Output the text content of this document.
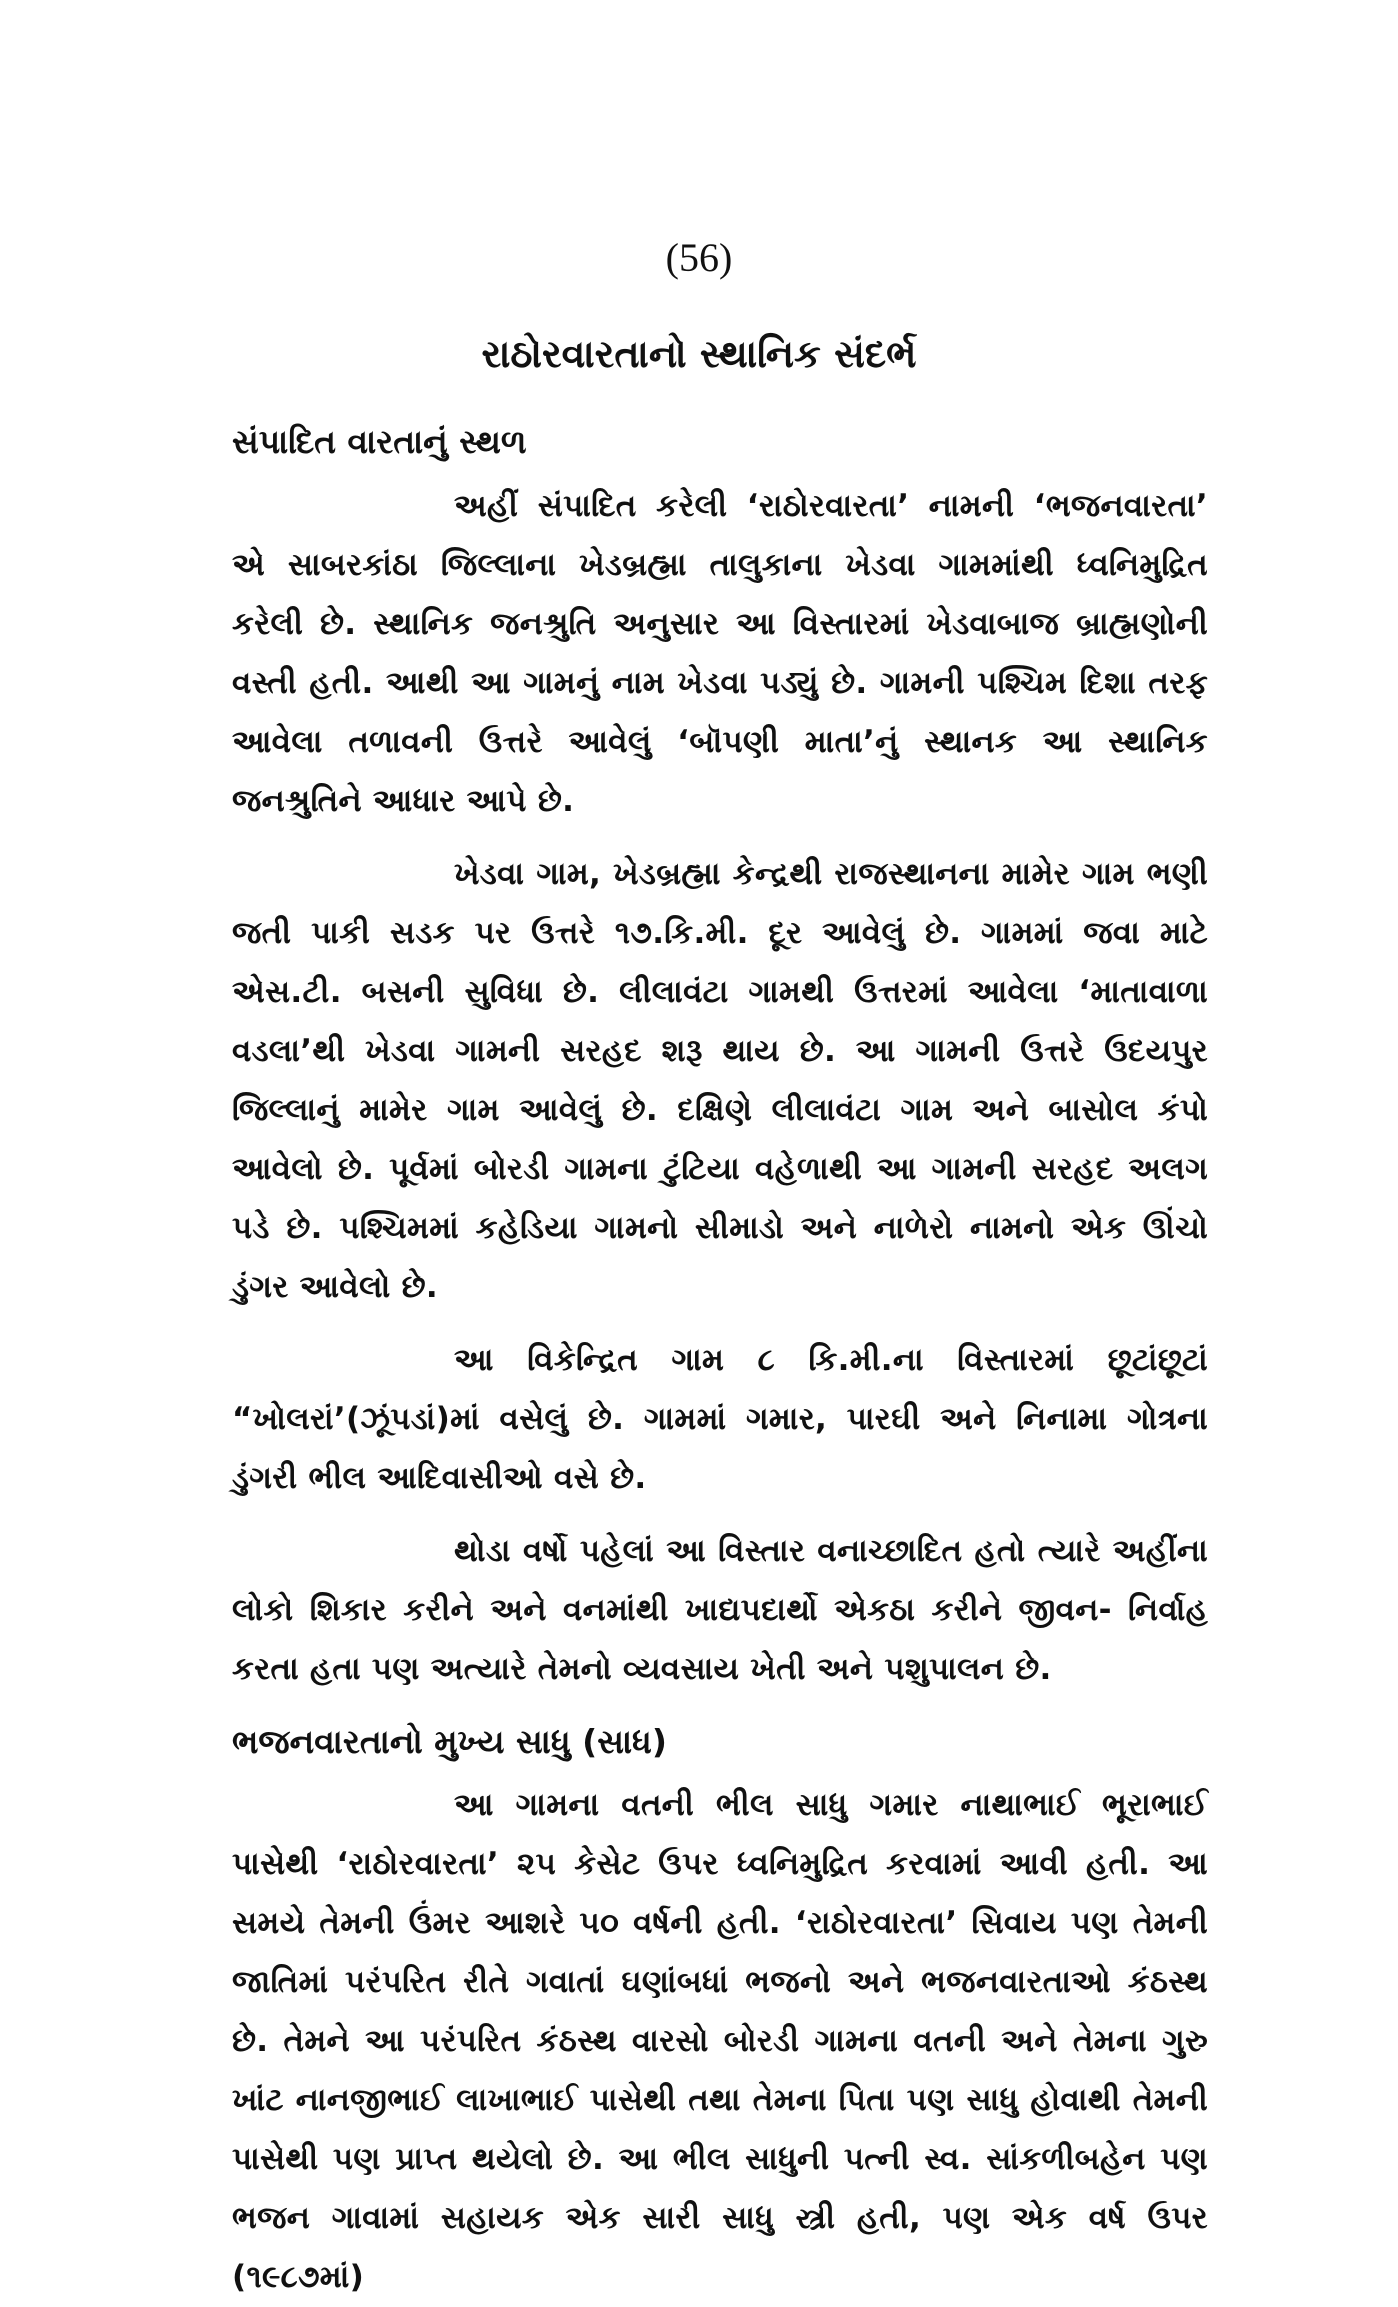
(56)
રાઠોરવારતાનો સ્થાનિક સંદર્ભ
સંપાદિત વારતાનું સ્થળ

અહીં સંપાદિત કરેલી ‘રાઠોરવારતા’ નામની ‘ભજનવારતા’ એ સાબરકાંઠા જિલ્લાના ખેડબ્રહ્મા તાલુકાના ખેડવા ગામમાંથી ધ્વનિમુદ્રિત કરેલી છે. સ્થાનિક જનશ્રુતિ અનુસાર આ વિસ્તારમાં ખેડવાબાજ બ્રાહ્મણોની વસ્તી હતી. આથી આ ગામનું નામ ખેડવા પડ્યું છે. ગામની પશ્ચિમ દિશા તરફ આવેલા તળાવની ઉત્તરે આવેલું ‘બૉપણી માતા’નું સ્થાનક આ સ્થાનિક જનશ્રુતિને આધાર આપે છે.

ખેડવા ગામ, ખેડબ્રહ્મા કેન્દ્રથી રાજસ્થાનના મામેર ગામ ભણી જતી પાકી સડક પર ઉત્તરે ૧૭.કિ.મી. દૂર આવેલું છે. ગામમાં જવા માટે એસ.ટી. બસની સુવિધા છે. લીલાવંટા ગામથી ઉત્તરમાં આવેલા ‘માતાવાળા વડલા’થી ખેડવા ગામની સરહદ શરૂ થાય છે. આ ગામની ઉત્તરે ઉદયપુર જિલ્લાનું મામેર ગામ આવેલું છે. દક્ષિણે લીલાવંટા ગામ અને બાસોલ કંપો આવેલો છે. પૂર્વમાં બોરડી ગામના ટુંટિયા વહેળાથી આ ગામની સરહદ અલગ પડે છે. પશ્ચિમમાં કહેડિયા ગામનો સીમાડો અને નાળેરો નામનો એક ઊંચો ડુંગર આવેલો છે.

આ વિકેન્દ્રિત ગામ ૮ કિ.મી.ના વિસ્તારમાં છૂટાંછૂટાં “ખોલરાં’(ઝૂંપડાં)માં વસેલું છે. ગામમાં ગમાર, પારઘી અને નિનામા ગોત્રના ડુંગરી ભીલ આદિવાસીઓ વસે છે.

થોડા વર્ષો પહેલાં આ વિસ્તાર વનાચ્છાદિત હતો ત્યારે અહીંના લોકો શિકાર કરીને અને વનમાંથી ખાદ્યપદાર્થો એકઠા કરીને જીવન- નિર્વાહ કરતા હતા પણ અત્યારે તેમનો વ્યવસાય ખેતી અને પશુપાલન છે.

ભજનવારતાનો મુખ્ય સાધુ (સાધ)

આ ગામના વતની ભીલ સાધુ ગમાર નાથાભાઈ ભૂરાભાઈ પાસેથી ‘રાઠોરવારતા’ ૨૫ કેસેટ ઉપર ધ્વનિમુદ્રિત કરવામાં આવી હતી. આ સમયે તેમની ઉંમર આશરે ૫૦ વર્ષની હતી. ‘રાઠોરવારતા’ સિવાય પણ તેમની જાતિમાં પરંપરિત રીતે ગવાતાં ઘણાંબધાં ભજનો અને ભજનવારતાઓ કંઠસ્થ છે. તેમને આ પરંપરિત કંઠસ્થ વારસો બોરડી ગામના વતની અને તેમના ગુરુ ખાંટ નાનજીભાઈ લાખાભાઈ પાસેથી તથા તેમના પિતા પણ સાધુ હોવાથી તેમની પાસેથી પણ પ્રાપ્ત થયેલો છે. આ ભીલ સાધુની પત્ની સ્વ. સાંકળીબહેન પણ ભજન ગાવામાં સહાયક એક સારી સાધુ સ્ત્રી હતી, પણ એક વર્ષ ઉપર (૧૯૮૭માં)
